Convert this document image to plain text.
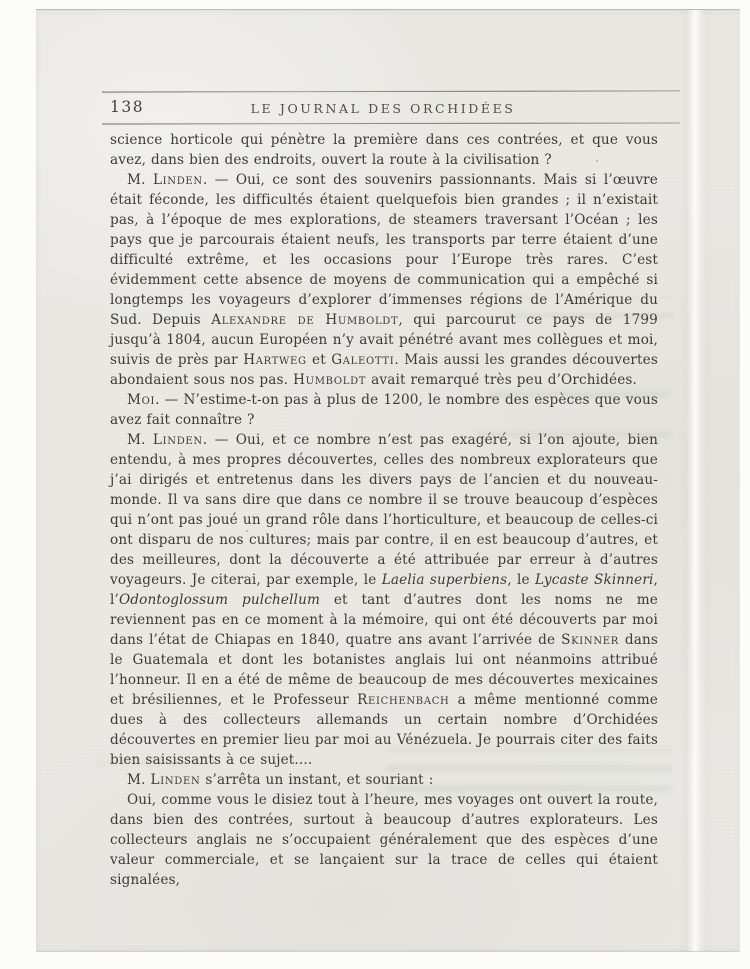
138	LE JOURNAL DES ORCHIDÉES

science horticole qui pénètre la première dans ces contrées, et que vous avez, dans bien des endroits, ouvert la route à la civilisation ?

M. Linden. — Oui, ce sont des souvenirs passionnants. Mais si l’œuvre était féconde, les difficultés étaient quelquefois bien grandes ; il n’existait pas, à l’époque de mes explorations, de steamers traversant l’Océan ; les pays que je parcourais étaient neufs, les transports par terre étaient d’une difficulté extrême, et les occasions pour l’Europe très rares. C’est évidemment cette absence de moyens de communication qui a empêché si longtemps les voyageurs d’explorer d’immenses régions de l’Amérique du Sud. Depuis Alexandre de Humboldt, qui parcourut ce pays de 1799 jusqu’à 1804, aucun Européen n’y avait pénétré avant mes collègues et moi, suivis de près par Hartweg et Galeotti. Mais aussi les grandes découvertes abondaient sous nos pas. Humboldt avait remarqué très peu d’Orchidées.

Moi. — N’estime-t-on pas à plus de 1200, le nombre des espèces que vous avez fait connaître ?

M. Linden. — Oui, et ce nombre n’est pas exagéré, si l’on ajoute, bien entendu, à mes propres découvertes, celles des nombreux explorateurs que j’ai dirigés et entretenus dans les divers pays de l’ancien et du nouveau-monde. Il va sans dire que dans ce nombre il se trouve beaucoup d’espèces qui n’ont pas joué un grand rôle dans l’horticulture, et beaucoup de celles-ci ont disparu de nos cultures; mais par contre, il en est beaucoup d’autres, et des meilleures, dont la découverte a été attribuée par erreur à d’autres voyageurs. Je citerai, par exemple, le Laelia superbiens, le Lycaste Skinneri, l’Odontoglossum pulchellum et tant d’autres dont les noms ne me reviennent pas en ce moment à la mémoire, qui ont été découverts par moi dans l’état de Chiapas en 1840, quatre ans avant l’arrivée de Skinner dans le Guatemala et dont les botanistes anglais lui ont néanmoins attribué l’honneur. Il en a été de même de beaucoup de mes découvertes mexicaines et brésiliennes, et le Professeur Reichenbach a même mentionné comme dues à des collecteurs allemands un certain nombre d’Orchidées découvertes en premier lieu par moi au Vénézuela. Je pourrais citer des faits bien saisissants à ce sujet....

M. Linden s’arrêta un instant, et souriant :

Oui, comme vous le disiez tout à l’heure, mes voyages ont ouvert la route, dans bien des contrées, surtout à beaucoup d’autres explorateurs. Les collecteurs anglais ne s’occupaient généralement que des espèces d’une valeur commerciale, et se lançaient sur la trace de celles qui étaient signalées,
